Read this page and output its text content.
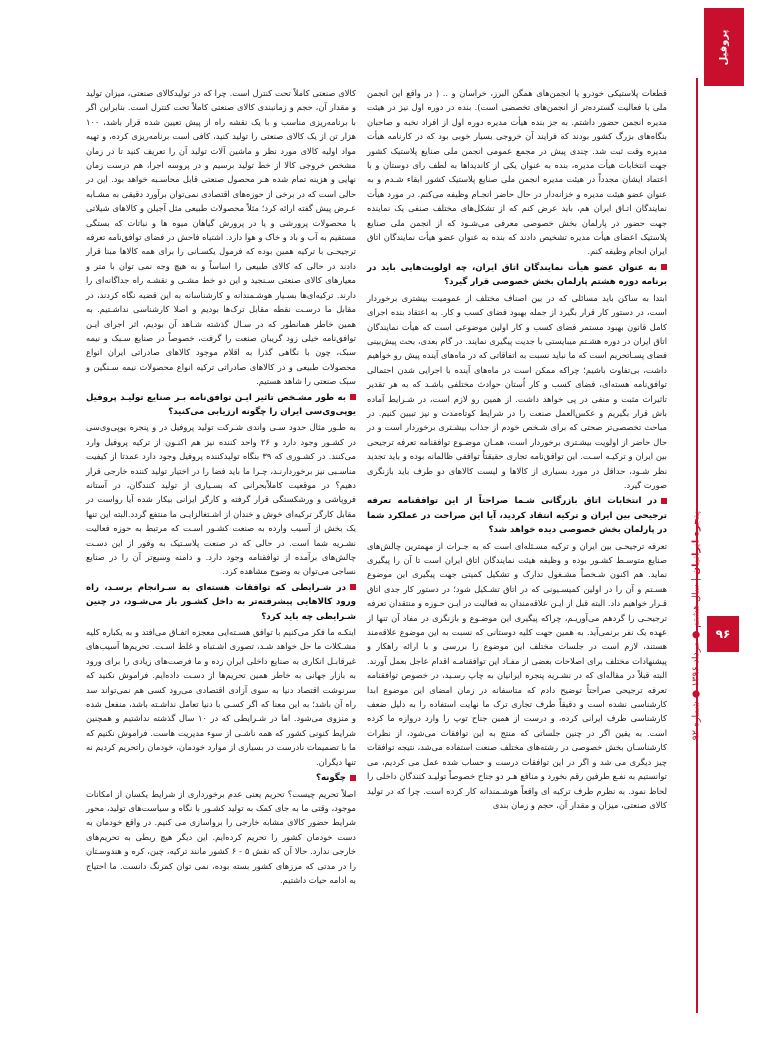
پروفیل
پنجره ایرانیان|سال هشتم●مرداد ۱۳۹۶●شماره ۹۲
۹۶

قطعات پلاستیکی خودرو یا انجمن‌های همگن البرز، خراسان و .. ( در واقع این انجمن ملی با فعالیت گسترده‌تر از انجمن‌های تخصصی است). بنده در دوره اول نیز در هیئت مدیره انجمن حضور داشتم. به جز بنده هیأت مدیره دوره اول از افراد نخبه و صاحبان بنگاه‌های بزرگ کشور بودند که فرایند آن خروجی بسیار خوبی بود که در کارنامه هیأت مدیره وقت ثبت شد. چندی پیش در مجمع عمومی انجمن ملی صنایع پلاستیک کشور جهت انتخابات هیأت مدیره، بنده به عنوان یکی از کاندیداها به لطف رای دوستان و با اعتماد ایشان مجدداً در هیئت مدیره انجمن ملی صنایع پلاستیک کشور ابقاء شـدم و به عنوان عضو هیئت مدیره و خزانه‌دار در حال حاضر انجـام وظیفه می‌کنم. در مورد هیأت نمایندگان اتـاق ایران هم، باید عرض کنم که از تشکل‌های مختلف صنفی یک نماینده جهت حضور در پارلمان بخش خصوصی معرفی می‌شـود که از انجمن ملی صنایع پلاستیک اعضای هیأت مدیره تشخیص دادند که بنده به عنوان عضو هیأت نمایندگان اتاق ایران انجام وظیفه کنم.

به عنوان عضو هیأت نمایندگان اتاق ایران، چه اولویت‌هایی باید در برنامه دوره هشتم پارلمان بخش خصوصی قرار گیرد؟

ابتدا به ساکن باید مسائلی که در بین اصناف مختلف از عمومیت بیشتری برخوردار است، در دستور کار قرار بگیرد از جمله بهبود فضای کسب و کار. به اعتقاد بنده اجرای کامل قانون بهبود مستمر فضای کسب و کار اولین موضوعی است که هیأت نمایندگان اتاق ایران در دوره هشـتم میبایستی با جدیت پیگیری نمایند. در گام بعدی، بحث پیش‌بینی فضای پسـاتحریم است که ما نباید نسبت به اتفاقاتی که در ماه‌های آینده پیش رو خواهیم داشت، بی‌تفاوت باشیم؛ چراکه ممکن است در ماه‌های آینده با اجرایی شدن احتمالی توافق‌نامه هسته‌ای، فضای کسب و کار اُستان حوادث مختلفی باشـد که به هر تقدیر تاثیرات مثبت و منفی در پی خواهد داشت. از همین رو لازم است، در شـرایط آماده باش قرار بگیریم و عکس‌العمل صنعت را در شرایط کوتاه‌مدت و نیز تبیین کنیم. در مباحث تخصصی‌تر صحتی که برای شـخص خودم از جذاب بیشـتری برخوردار است و در حال حاضر از اولویت بیشـتری برخوردار است، همـان موضـوع توافقنامه تعرفه ترجیحی بین ایران و ترکیـه اسـت. این توافق‌نامه تجاری حقیقتاً توافقی ظالمانه بوده و باید تجدید نظر شـود، حداقل در مورد بسیاری از کالاها و لیست کالاهای دو طرف باید بازنگری صورت گیرد.

در انتخابات اتاق بازرگانی شـما صراحتاً از این توافقنامه تعرفه ترجیحی بین ایران و ترکیه انتقاد کردید، آیا این صراحت در عملکرد شما در پارلمان بخش خصوصی دیده خواهد شد؟

تعرفه ترجیحـی بین ایران و ترکیه مسـئله‌ای است که به جـرات از مهمترین چالش‌های صنایع متوسـط کشـور بوده و وظیفه هیئت نمایندگان اتاق ایران است تا آن را پیگیری نماید. هم اکنون شـخصاً مشـغول تدارک و تشکیل کمیتی جهت پیگیری این موضوع هسـتم و آن را در اولین کمیسـیونی که در اتاق تشـکیل شود؛ در دستور کار جدی اتاق قـرار خواهیم داد. البته قبل از ایـن علاقه‌مندان به فعالیت در ایـن حـوزه و منتقدان تعرفه ترجیحـی را گردهم می‌آوریـم، چراکه پیگیری این موضـوع و بازنگری در مفاد آن تنها از عهده یک نفر برنمی‌آید. به همین جهت کلیه دوستانی که نسبت به این موضوع علاقه‌مند هستند، لازم است در جلسات مختلف این موضوع را بررسی و با ارائه راهکار و پیشنهادات مختلف برای اصلاحات بعضی از مفـاد این توافقنامـه اقدام عاجل بعمل آورند. البته قبلاً در مقاله‌ای که در نشـریه پنجره ایرانیان به چاپ رسـید، در خصوص توافقنامه تعرفه ترجیحی صراحتاً توضیح دادم که متاسفانه در زمان امضای این موضوع ابدا کارشناسی نشده است و دقیقاً طرف تجاری ترک ما نهایت استفاده را به دلیل ضعف کارشناسی طرف ایرانی کرده، و درست از همین جناح توپ را وارد دروازه ما کرده است. به یقین اگر در چنین جلساتی که منتج به این توافقات می‌شود، از نظرات کارشناسـان بخش خصوصی در رشته‌های مختلف صنعت استفاده می‌شد، نتیجه توافقات چیز دیگری می شد و اگر در این توافقات درست و حساب شده عمل می کردیم، می توانستیم به نفـع طرفین رقم بخورد و منافع هـر دو جناح خصوصاً تولیـد کنندگان داخلی را لحاظ نمود. به نظرم طرف ترکیه ای واقعاً هوشـمندانه کار کرده است. چرا که در تولید کالای صنعتی، میزان و مقدار آن، حجم و زمان بندی

کالای صنعتی کاملاً تحت کنترل است. چرا که در تولیدکالای صنعتی، میزان تولید و مقدار آن، حجم و زمانبندی کالای صنعتی کاملاً تحت کنترل است. بنابراین اگر با برنامه‌ریزی مناسب و با یک نقشه راه از پیش تعیین شده قرار باشد، ۱۰۰ هزار تن از یک کالای صنعتی را تولید کنید، کافی است برنامه‌ریزی کرده، و تهیه مواد اولیه کالای مورد نظر و ماشین آلات تولید آن را تعریف کنید تا در زمان مشخص خروجی کالا از خط تولید برسیم و در پروسه اجرا، هم درست زمان نهایی و هزینه تمام شده هـر محصول صنعتی قابل محاسـبه خواهد بود. این در حالی است که در برخی از حوزه‌های اقتصادی نمی‌توان برآورد دقیقی به مشـابه عـرض پیش گفته ارائه کرد؛ مثلاً محصولات طبیعی مثل آجیلن و کالاهای شیلاتی یا محصولات پرورشی و یا در پرورش گیاهان میوه ها و نباتات که بستگی مستقیم به آب و باد و خاک و هوا دارد. اشتباه فاحش در فضای توافق‌نامه تعرفه ترجیحـی با ترکیه همین بوده که فرمول یکسـانی را برای همه کالاها مبنا قرار دادند در حالی که کالای طبیعی را اساساً و به هیچ وجه نمی توان با متر و معیارهای کالای صنعتی سـنجید و این دو خط مشـی و نقشـه راه جداگانه‌ای را دارند. ترکیه‌ای‌ها بسـیار هوشـمندانه و کارشناسانه به این قضیه نگاه کردند، در مقابل ما درسـت نقطه مقابل ترک‌ها بودیم و اصلا کارشناسی نداشـتیم. به همین خاطر همانطور که در سـال گذشته شـاهد آن بودیم، اثر اجرای ایـن توافق‌نامه خیلی زود گریبان صنعت را گرفت، خصوصاً در صنایع سـبک و نیمه سبک، چون با نگاهی گذرا به اقلام موجود کالاهای صادراتی ایران انواع محصولات طبیعی و در کالاهای صادراتی ترکیه انواع محصولات نیمه سـنگین و سبک صنعتی را شاهد هستیم.

به طور مشـخص تاثیر ایـن توافق‌نامه بـر صنایع تولیـد پروفیل یو‌پی‌وی‌سی ایران را چگونه ارزیابی می‌کنید؟

به طـور مثال حدود سـی واندی شـرکت تولید پروفیل در و پنجره یوپی‌وی‌سی در کشـور وجود دارد و ۲۶ واحد کننده نیز هم اکنـون از ترکیه پروفیل وارد می‌کنند. در کشـوری که ۳۹ بنگاه تولید‌کننده پروفیل وجود دارد عمدتا از کیفیت مناسـبی نیز برخوردارنـد، چـرا ما باید فضا را در اختیار تولید کننده خارجی قرار دهیم؟ در موقعیت کاملاًبحرانی که بسـیاری از تولید کنندگان، در آستانه فروپاشی و ورشکستگی قرار گرفته و کارگر ایرانی بیکار شده آیا رواست در مقابل کارگر ترکیه‌ای خوش و خندان از اشـتغالزایـی ما منتفع گردد.البته این تنها یک بخش از آسیب وارده به صنعت کشـور اسـت که مرتبط به حوزه فعالیت نشـریه شما است. در حالی که در صنعت پلاسـتیک به وفور از این دسـت چالش‌های برآمده از توافقنامه وجود دارد. و دامنه وسیع‌تر آن را در صنایع نساجی می‌توان به وضوح مشاهده کرد.

در شـرایطی که توافقات هسته‌ای به سـرانجام برسـد، راه ورود کالاهایی پیشرفته‌تر به داخل کشـور باز می‌شـود، در چنین شـرایطی چه باید کرد؟

اینکـه ما فکر می‌کنیم با توافق هسـته‌ایی معجزه اتفـاق می‌افتد و به یکباره کلیه مشـکلات ما حل خواهد شـد، تصوری اشـتباه و غلط اسـت. تحریم‌ها آسیب‌های غیرقابـل انکاری به صنایع داخلی ایران زده و ما فرصت‌های زیادی را برای ورود به بازار جهانی به خاطر همین تحریم‌ها از دسـت داده‌ایم. فراموش نکنید که سرنوشت اقتصاد دنیا به سوی آزادی اقتصادی می‌رود کسی هم نمی‌تواند سد راه آن باشد؛ به این معنا که اگر کسـی با دنیا تعامل نداشـته باشد، منفعل شده و منزوی می‌شود. اما در شـرایطی که در ۱۰ سال گذشته نداشتیم و همچنین شرایط کنونی کشور که همه ناشـی از سوء مدیریت هاست. فراموش نکنیم که ما با تصمیمات نادرست در بسیاری از موارد خودمان، خودمان راتحریم کردیم نه تنها دیگران.

چگونه؟

اصلاً تحریم چیست؟ تحریم یعنی عدم برخورداری از شرایط یکسان از امکانات موجود، وقتی ما به جای کمک به تولید کشـور با نگاه و سیاست‌های تولید، محور شرایط حضور کالای مشابه خارجی را برواسازی می کنیم. در واقع خودمان به دست خودمان کشور را تحریم کرده‌ایم. این دیگر هیچ ربطی به تحریم‌های خارجی ندارد. حالا آن که نقش ۵ - ۶ کشور مانند ترکیه، چین، کره و هندوسـتان را در مدتی که مرزهای کشور بسته بوده، نمی توان کمرنگ دانست. ما احتیاج به ادامه حیات داشتیم.
